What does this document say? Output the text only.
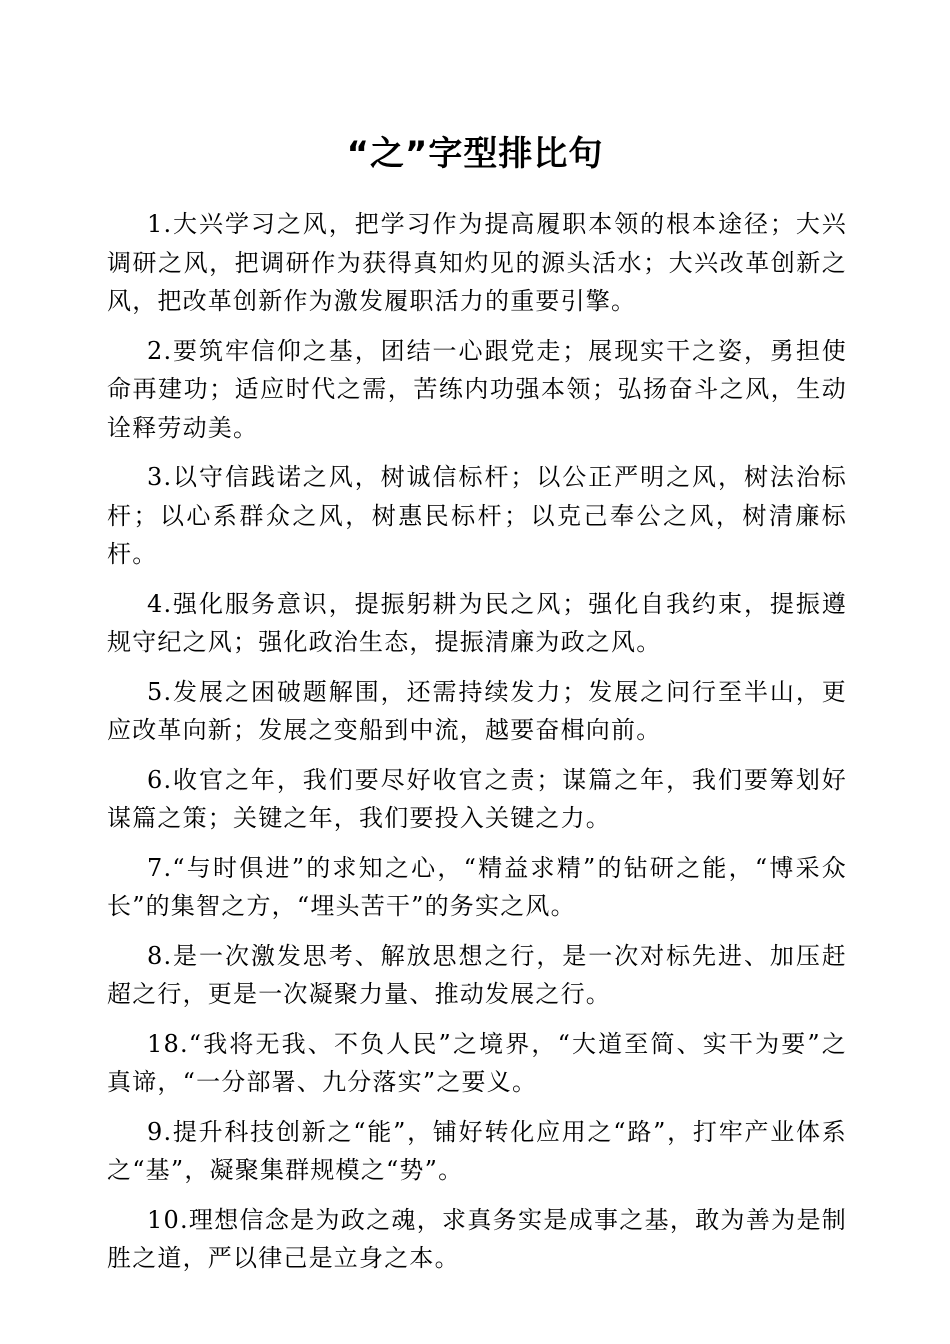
“之”字型排比句

1.大兴学习之风，把学习作为提高履职本领的根本途径；大兴调研之风，把调研作为获得真知灼见的源头活水；大兴改革创新之风，把改革创新作为激发履职活力的重要引擎。

2.要筑牢信仰之基，团结一心跟党走；展现实干之姿，勇担使命再建功；适应时代之需，苦练内功强本领；弘扬奋斗之风，生动诠释劳动美。

3.以守信践诺之风，树诚信标杆；以公正严明之风，树法治标杆；以心系群众之风，树惠民标杆；以克己奉公之风，树清廉标杆。

4.强化服务意识，提振躬耕为民之风；强化自我约束，提振遵规守纪之风；强化政治生态，提振清廉为政之风。

5.发展之困破题解围，还需持续发力；发展之问行至半山，更应改革向新；发展之变船到中流，越要奋楫向前。

6.收官之年，我们要尽好收官之责；谋篇之年，我们要筹划好谋篇之策；关键之年，我们要投入关键之力。

7.“与时俱进”的求知之心，“精益求精”的钻研之能，“博采众长”的集智之方，“埋头苦干”的务实之风。

8.是一次激发思考、解放思想之行，是一次对标先进、加压赶超之行，更是一次凝聚力量、推动发展之行。

18.“我将无我、不负人民”之境界，“大道至简、实干为要”之真谛，“一分部署、九分落实”之要义。

9.提升科技创新之“能”，铺好转化应用之“路”，打牢产业体系之“基”，凝聚集群规模之“势”。

10.理想信念是为政之魂，求真务实是成事之基，敢为善为是制胜之道，严以律己是立身之本。
